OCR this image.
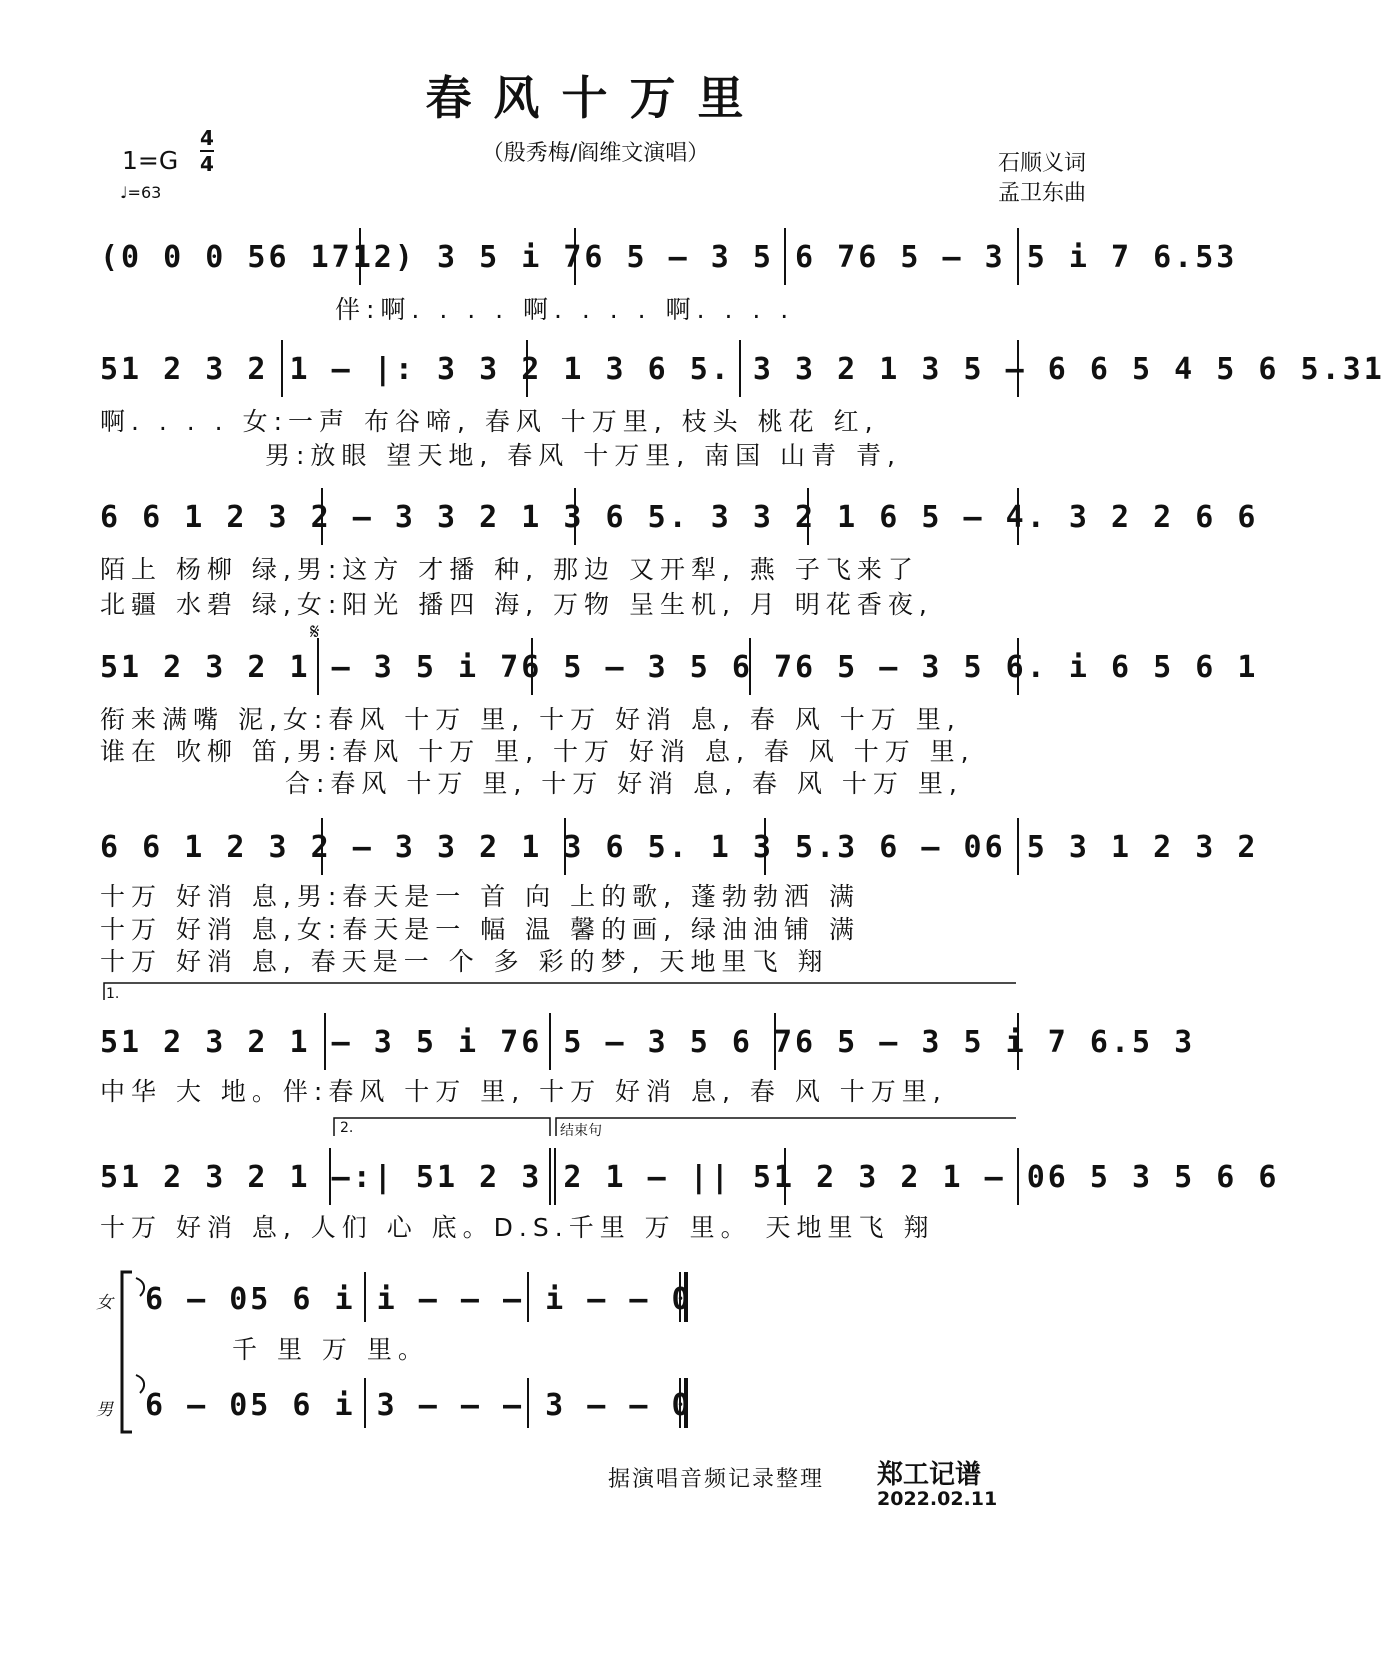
春风十万里
（殷秀梅/阎维文演唱）	石顺义词
孟卫东曲
1=G
4
4
♩=63
(0 0 0 56 1712) 3 5 i 76 5 – 3 5 6 76 5 – 3 5 i 7 6.53
伴:啊. . . . 啊. . . . 啊. . . .
51 2 3 2 1 – |: 3 3 2 1 3 6 5. 3 3 2 1 3 5 – 6 6 5 4 5 6 5.31
啊. . . . 女:一声 布谷啼, 春风 十万里, 枝头 桃花 红,
男:放眼 望天地, 春风 十万里, 南国 山青 青,
6 6 1 2 3 2 – 3 3 2 1 3 6 5. 3 3 2 1 6 5 – 4. 3 2 2 6 6
陌上 杨柳 绿,男:这方 才播 种, 那边 又开犁, 燕 子飞来了
北疆 水碧 绿,女:阳光 播四 海, 万物 呈生机, 月 明花香夜,
𝄋
51 2 3 2 1 – 3 5 i 76 5 – 3 5 6 76 5 – 3 5 6. i 6 5 6 1
衔来满嘴 泥,女:春风 十万 里, 十万 好消 息, 春 风 十万 里,
谁在 吹柳 笛,男:春风 十万 里, 十万 好消 息, 春 风 十万 里,
合:春风 十万 里, 十万 好消 息, 春 风 十万 里,
6 6 1 2 3 2 – 3 3 2 1 3 6 5. 1 3 5.3 6 – 06 5 3 1 2 3 2
十万 好消 息,男:春天是一 首 向 上的歌, 蓬勃勃洒 满
十万 好消 息,女:春天是一 幅 温 馨的画, 绿油油铺 满
十万 好消 息, 春天是一 个 多 彩的梦, 天地里飞 翔
1.
51 2 3 2 1 – 3 5 i 76 5 – 3 5 6 76 5 – 3 5 i 7 6.5 3
中华 大 地。伴:春风 十万 里, 十万 好消 息, 春 风 十万里,
2.	结束句
51 2 3 2 1 –:| 51 2 3 2 1 – || 51 2 3 2 1 – 06 5 3 5 6 6
十万 好消 息, 人们 心 底。D.S.千里 万 里。 天地里飞 翔
女 6 – 05 6 i i – – – i – – 0
千 里 万 里。
男 6 – 05 6 i 3 – – – 3 – – 0
据演唱音频记录整理 郑工记谱
2022.02.11
